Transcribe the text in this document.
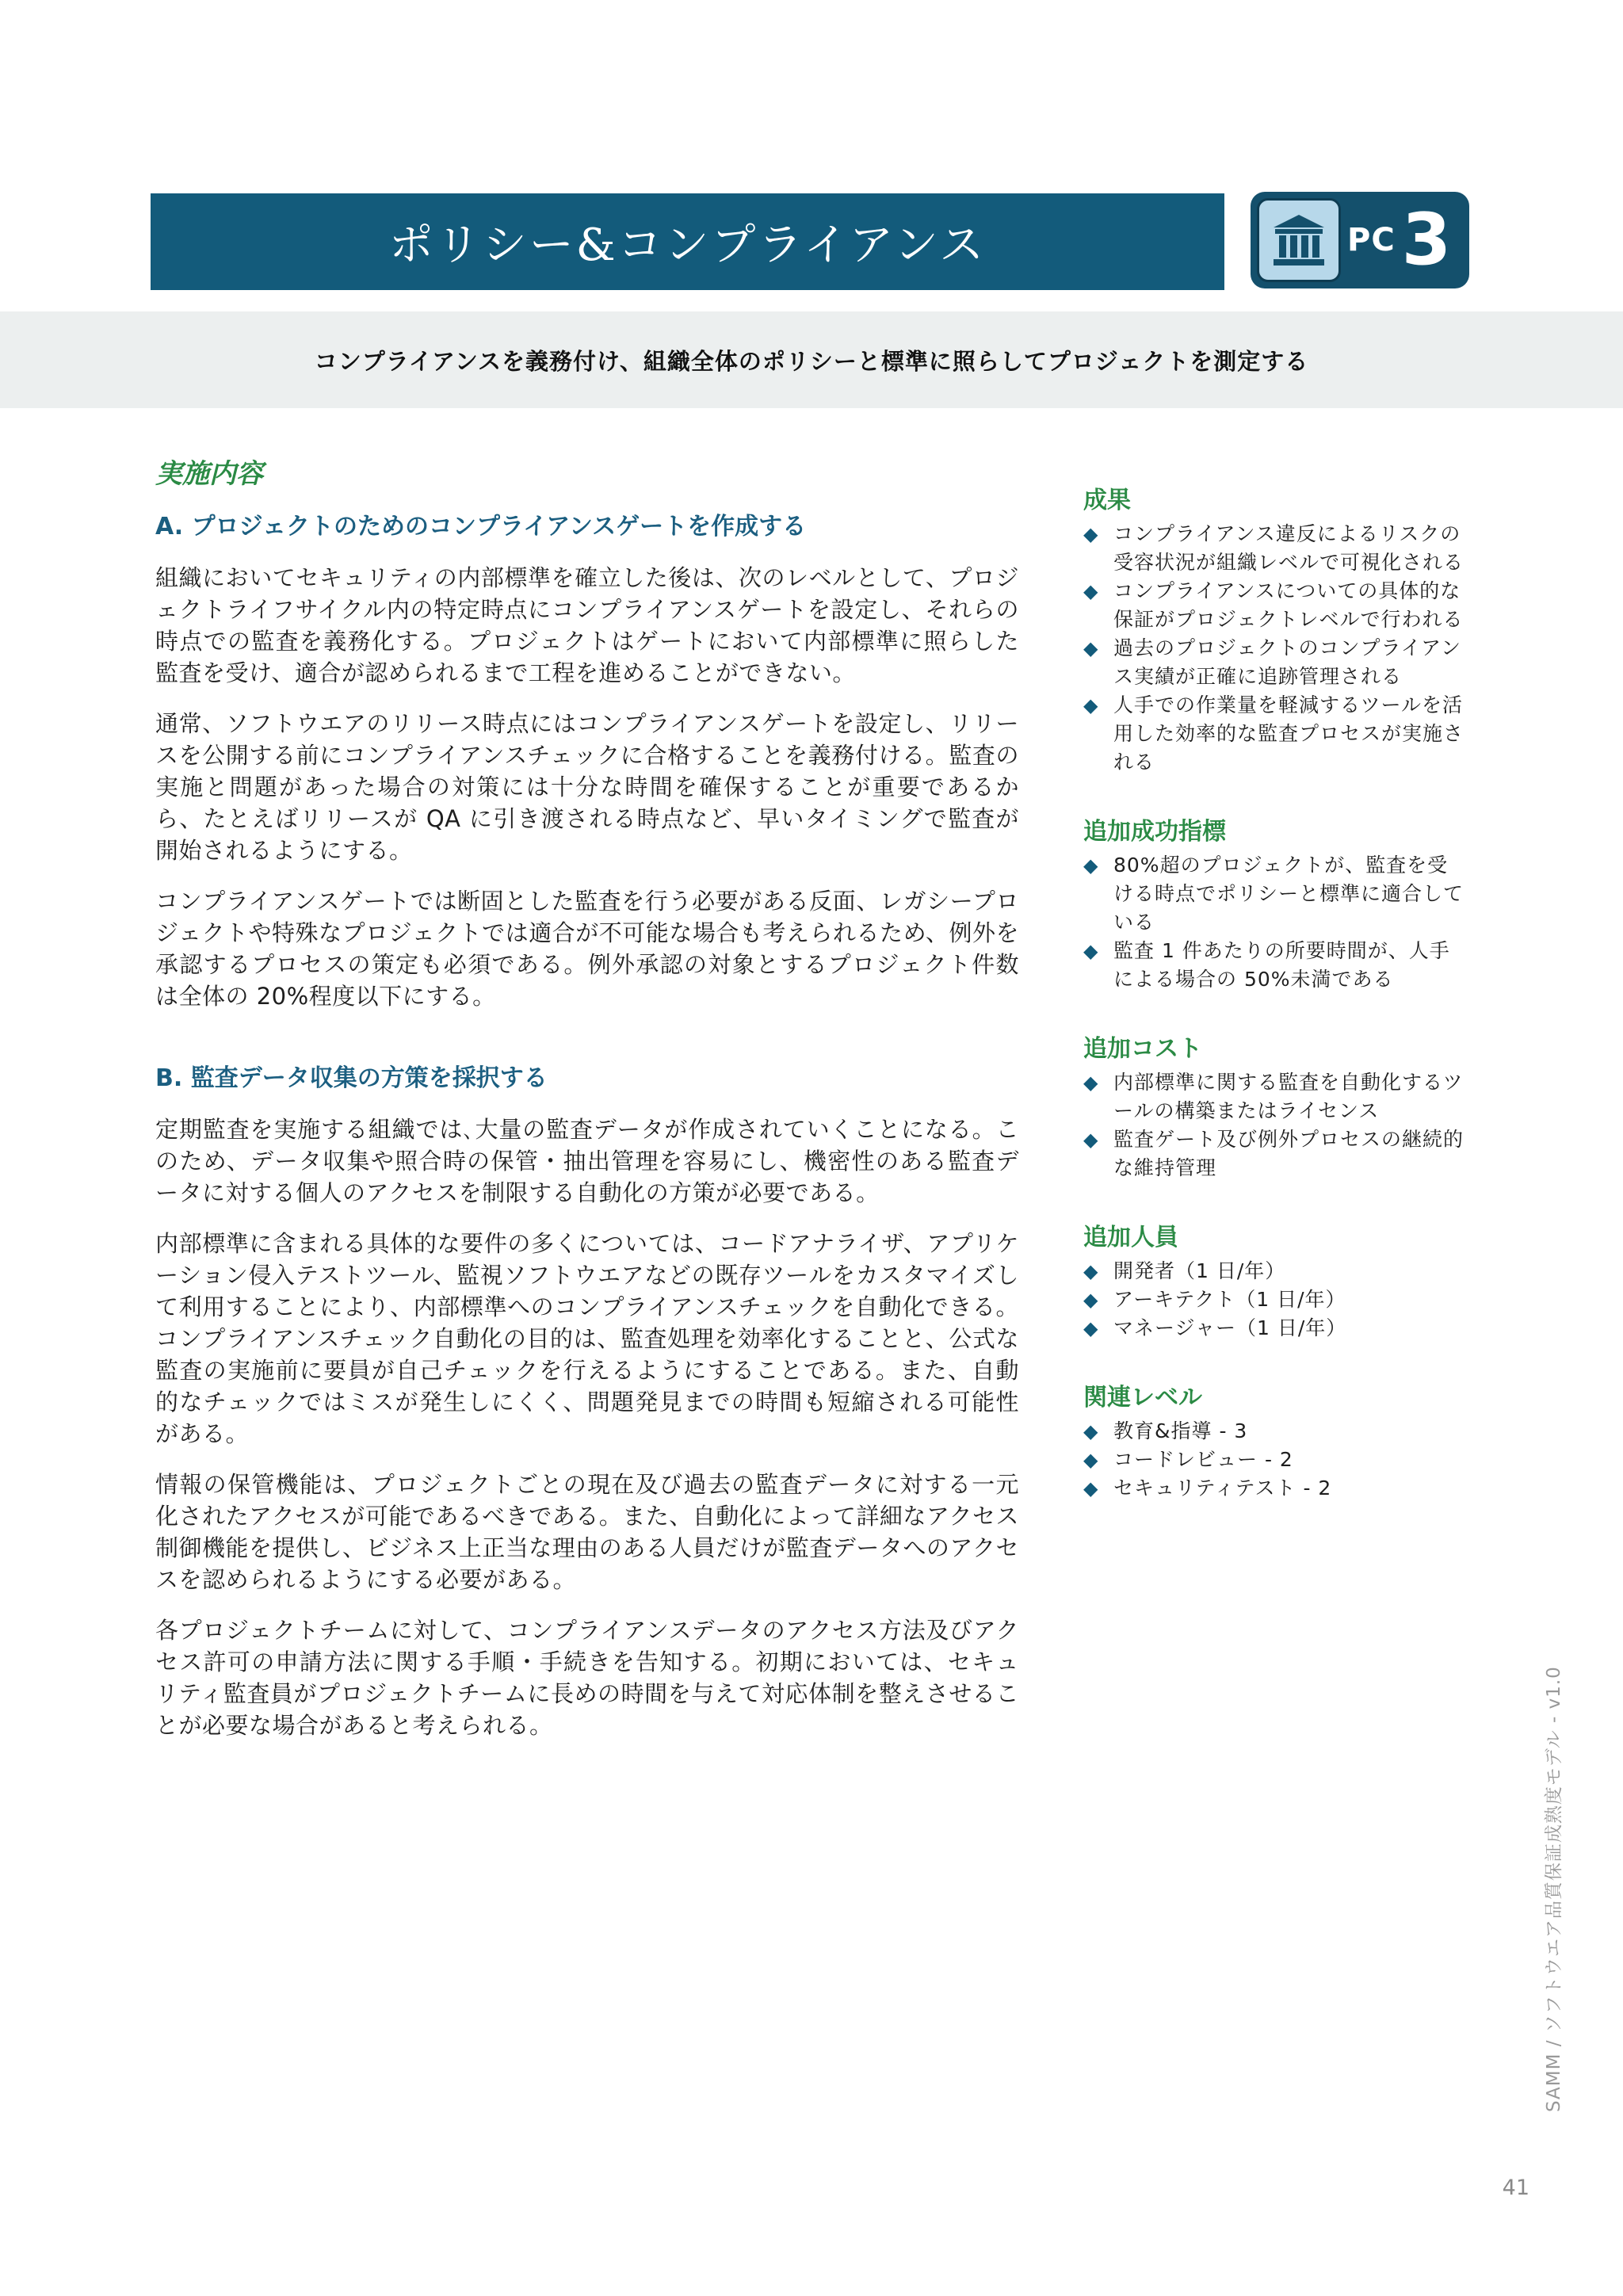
ポリシー&コンプライアンス	PC 3
コンプライアンスを義務付け、組織全体のポリシーと標準に照らしてプロジェクトを測定する
実施内容
A. プロジェクトのためのコンプライアンスゲートを作成する

組織においてセキュリティの内部標準を確立した後は、次のレベルとして、プロジェクトライフサイクル内の特定時点にコンプライアンスゲートを設定し、それらの時点での監査を義務化する。プロジェクトはゲートにおいて内部標準に照らした監査を受け、適合が認められるまで工程を進めることができない。

通常、ソフトウエアのリリース時点にはコンプライアンスゲートを設定し、リリースを公開する前にコンプライアンスチェックに合格することを義務付ける。監査の実施と問題があった場合の対策には十分な時間を確保することが重要であるから、たとえばリリースが QA に引き渡される時点など、早いタイミングで監査が開始されるようにする。

コンプライアンスゲートでは断固とした監査を行う必要がある反面、レガシープロジェクトや特殊なプロジェクトでは適合が不可能な場合も考えられるため、例外を承認するプロセスの策定も必須である。例外承認の対象とするプロジェクト件数は全体の 20%程度以下にする。

B. 監査データ収集の方策を採択する

定期監査を実施する組織では､大量の監査データが作成されていくことになる。このため、データ収集や照合時の保管・抽出管理を容易にし、機密性のある監査データに対する個人のアクセスを制限する自動化の方策が必要である。

内部標準に含まれる具体的な要件の多くについては、コードアナライザ、アプリケーション侵入テストツール、監視ソフトウエアなどの既存ツールをカスタマイズして利用することにより、内部標準へのコンプライアンスチェックを自動化できる。コンプライアンスチェック自動化の目的は、監査処理を効率化することと、公式な監査の実施前に要員が自己チェックを行えるようにすることである。また、自動的なチェックではミスが発生しにくく、問題発見までの時間も短縮される可能性がある。

情報の保管機能は、プロジェクトごとの現在及び過去の監査データに対する一元化されたアクセスが可能であるべきである。また、自動化によって詳細なアクセス制御機能を提供し、ビジネス上正当な理由のある人員だけが監査データへのアクセスを認められるようにする必要がある。

各プロジェクトチームに対して、コンプライアンスデータのアクセス方法及びアクセス許可の申請方法に関する手順・手続きを告知する。初期においては、セキュリティ監査員がプロジェクトチームに長めの時間を与えて対応体制を整えさせることが必要な場合があると考えられる。

成果
◆ コンプライアンス違反によるリスクの受容状況が組織レベルで可視化される
◆ コンプライアンスについての具体的な保証がプロジェクトレベルで行われる
◆ 過去のプロジェクトのコンプライアンス実績が正確に追跡管理される
◆ 人手での作業量を軽減するツールを活用した効率的な監査プロセスが実施される
追加成功指標
◆ 80%超のプロジェクトが、監査を受ける時点でポリシーと標準に適合している
◆ 監査 1 件あたりの所要時間が、人手による場合の 50%未満である
追加コスト
◆ 内部標準に関する監査を自動化するツールの構築またはライセンス
◆ 監査ゲート及び例外プロセスの継続的な維持管理
追加人員
◆ 開発者（1 日/年）
◆ アーキテクト（1 日/年）
◆ マネージャー（1 日/年）
関連レベル
◆ 教育&指導 - 3
◆ コードレビュー - 2
◆ セキュリティテスト - 2
SAMM / ソフトウエア品質保証成熟度モデル - v1.0
41
